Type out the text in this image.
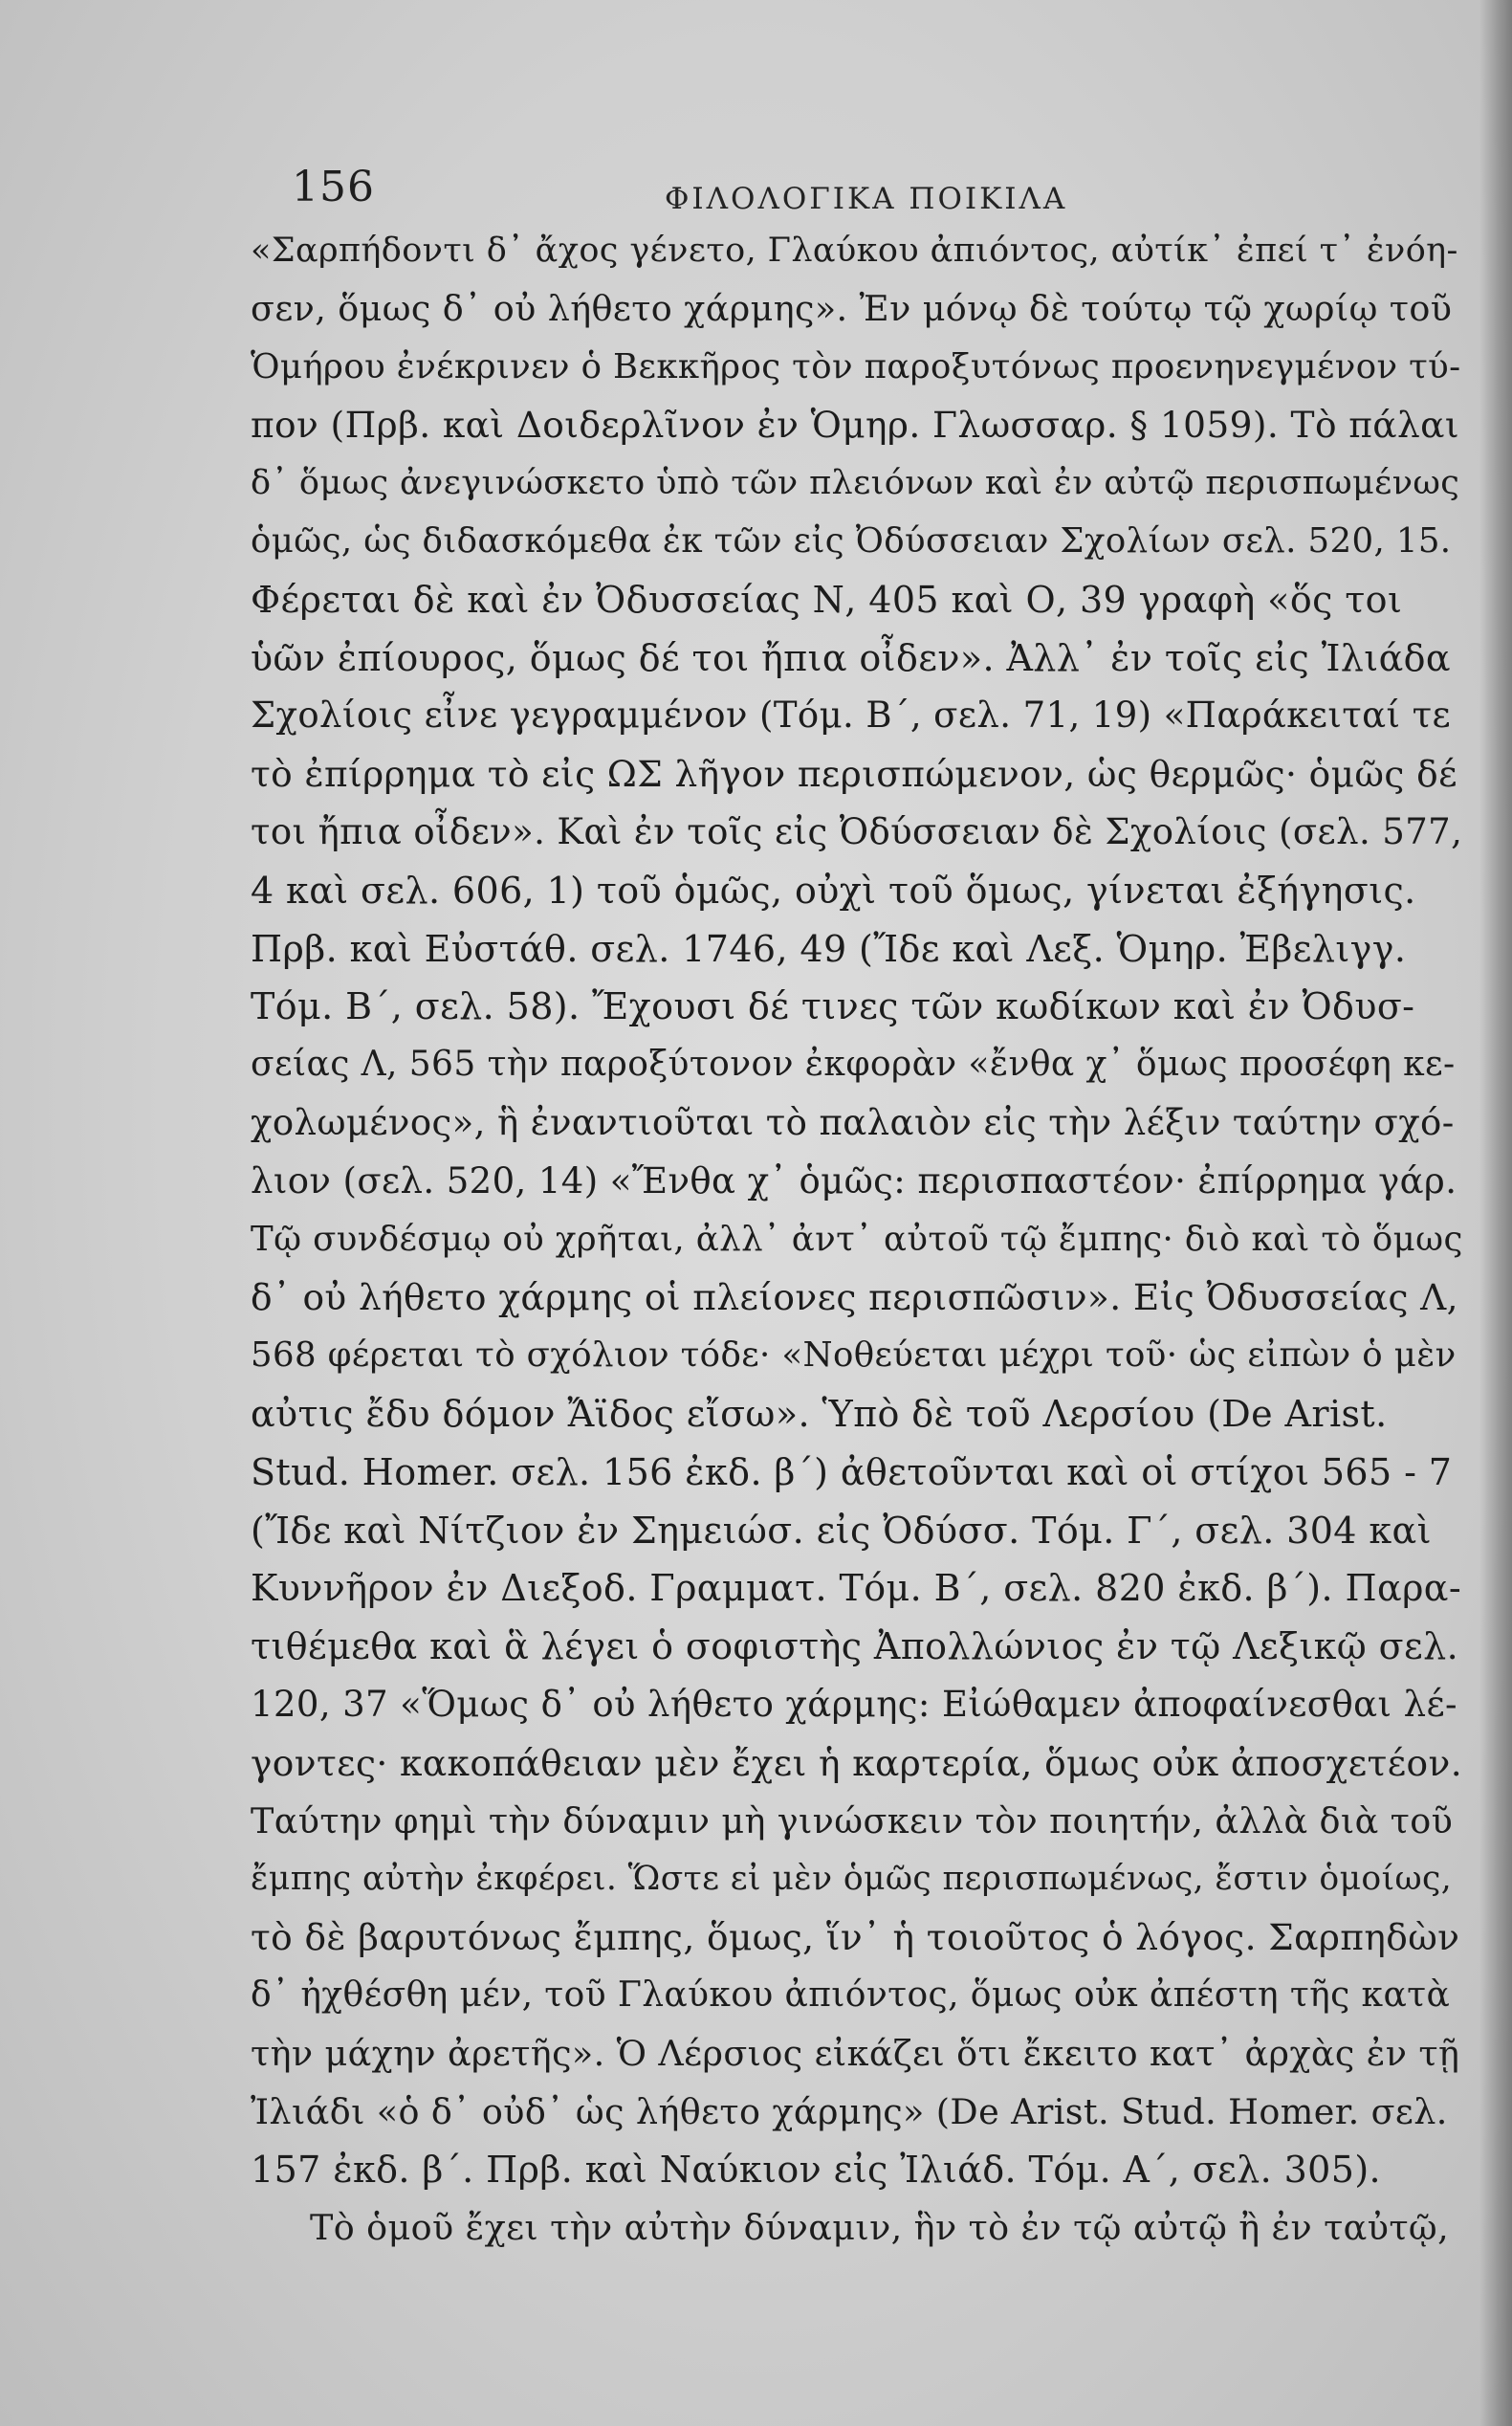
156	ΦΙΛΟΛΟΓΙΚΑ ΠΟΙΚΙΛΑ
«Σαρπήδοντι δ᾽ ἄχος γένετο, Γλαύκου ἀπιόντος, αὐτίκ᾽ ἐπεί τ᾽ ἐνόη-
σεν, ὅμως δ᾽ οὐ λήθετο χάρμης». Ἐν μόνῳ δὲ τούτῳ τῷ χωρίῳ τοῦ
Ὁμήρου ἐνέκρινεν ὁ Βεκκῆρος τὸν παροξυτόνως προενηνεγμένον τύ-
πον (Πρβ. καὶ Δοιδερλῖνον ἐν Ὁμηρ. Γλωσσαρ. § 1059). Τὸ πάλαι
δ᾽ ὅμως ἀνεγινώσκετο ὑπὸ τῶν πλειόνων καὶ ἐν αὐτῷ περισπωμένως
ὁμῶς, ὡς διδασκόμεθα ἐκ τῶν εἰς Ὀδύσσειαν Σχολίων σελ. 520, 15.
Φέρεται δὲ καὶ ἐν Ὀδυσσείας Ν, 405 καὶ Ο, 39 γραφὴ «ὅς τοι
ὑῶν ἐπίουρος, ὅμως δέ τοι ἤπια οἶδεν». Ἀλλ᾽ ἐν τοῖς εἰς Ἰλιάδα
Σχολίοις εἶνε γεγραμμένον (Τόμ. Β΄, σελ. 71, 19) «Παράκειταί τε
τὸ ἐπίρρημα τὸ εἰς ΩΣ λῆγον περισπώμενον, ὡς θερμῶς· ὁμῶς δέ
τοι ἤπια οἶδεν». Καὶ ἐν τοῖς εἰς Ὀδύσσειαν δὲ Σχολίοις (σελ. 577,
4 καὶ σελ. 606, 1) τοῦ ὁμῶς, οὐχὶ τοῦ ὅμως, γίνεται ἐξήγησις.
Πρβ. καὶ Εὐστάθ. σελ. 1746, 49 (Ἴδε καὶ Λεξ. Ὁμηρ. Ἐβελιγγ.
Τόμ. Β΄, σελ. 58). Ἔχουσι δέ τινες τῶν κωδίκων καὶ ἐν Ὀδυσ-
σείας Λ, 565 τὴν παροξύτονον ἐκφορὰν «ἔνθα χ᾽ ὅμως προσέφη κε-
χολωμένος», ἣ ἐναντιοῦται τὸ παλαιὸν εἰς τὴν λέξιν ταύτην σχό-
λιον (σελ. 520, 14) «Ἔνθα χ᾽ ὁμῶς: περισπαστέον· ἐπίρρημα γάρ.
Τῷ συνδέσμῳ οὐ χρῆται, ἀλλ᾽ ἀντ᾽ αὐτοῦ τῷ ἔμπης· διὸ καὶ τὸ ὅμως
δ᾽ οὐ λήθετο χάρμης οἱ πλείονες περισπῶσιν». Εἰς Ὀδυσσείας Λ,
568 φέρεται τὸ σχόλιον τόδε· «Νοθεύεται μέχρι τοῦ· ὡς εἰπὼν ὁ μὲν
αὐτις ἔδυ δόμον Ἄϊδος εἴσω». Ὑπὸ δὲ τοῦ Λερσίου (De Arist.
Stud. Homer. σελ. 156 ἐκδ. β΄) ἀθετοῦνται καὶ οἱ στίχοι 565 - 7
(Ἴδε καὶ Νίτζιον ἐν Σημειώσ. εἰς Ὀδύσσ. Τόμ. Γ΄, σελ. 304 καὶ
Κυννῆρον ἐν Διεξοδ. Γραμματ. Τόμ. Β΄, σελ. 820 ἐκδ. β΄). Παρα-
τιθέμεθα καὶ ἃ λέγει ὁ σοφιστὴς Ἀπολλώνιος ἐν τῷ Λεξικῷ σελ.
120, 37 «Ὅμως δ᾽ οὐ λήθετο χάρμης: Εἰώθαμεν ἀποφαίνεσθαι λέ-
γοντες· κακοπάθειαν μὲν ἔχει ἡ καρτερία, ὅμως οὐκ ἀποσχετέον.
Ταύτην φημὶ τὴν δύναμιν μὴ γινώσκειν τὸν ποιητήν, ἀλλὰ διὰ τοῦ
ἔμπης αὐτὴν ἐκφέρει. Ὥστε εἰ μὲν ὁμῶς περισπωμένως, ἔστιν ὁμοίως,
τὸ δὲ βαρυτόνως ἔμπης, ὅμως, ἵν᾽ ἡ τοιοῦτος ὁ λόγος. Σαρπηδὼν
δ᾽ ἠχθέσθη μέν, τοῦ Γλαύκου ἀπιόντος, ὅμως οὐκ ἀπέστη τῆς κατὰ
τὴν μάχην ἀρετῆς». Ὁ Λέρσιος εἰκάζει ὅτι ἔκειτο κατ᾽ ἀρχὰς ἐν τῇ
Ἰλιάδι «ὁ δ᾽ οὐδ᾽ ὡς λήθετο χάρμης» (De Arist. Stud. Homer. σελ.
157 ἐκδ. β΄. Πρβ. καὶ Ναύκιον εἰς Ἰλιάδ. Τόμ. Α΄, σελ. 305).
Τὸ ὁμοῦ ἔχει τὴν αὐτὴν δύναμιν, ἣν τὸ ἐν τῷ αὐτῷ ἢ ἐν ταὐτῷ,
